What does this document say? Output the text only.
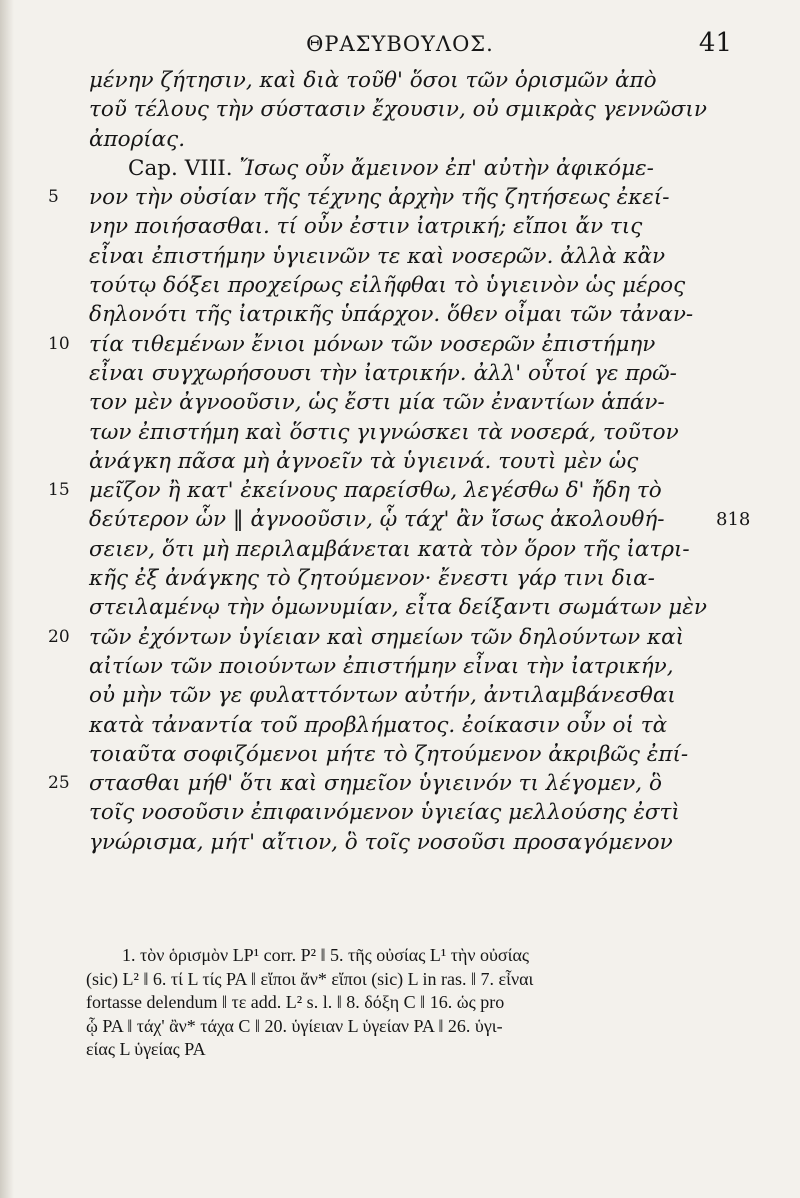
ΘΡΑΣΥΒΟΥΛΟΣ.	41
μένην ζήτησιν, καὶ διὰ τοῦθ' ὅσοι τῶν ὁρισμῶν ἀπὸ
τοῦ τέλους τὴν σύστασιν ἔχουσιν, οὐ σμικρὰς γεννῶσιν
ἀπορίας.
Cap. VIII. Ἴσως οὖν ἄμεινον ἐπ' αὐτὴν ἀφικόμε-
5	νον τὴν οὐσίαν τῆς τέχνης ἀρχὴν τῆς ζητήσεως ἐκεί-
νην ποιήσασθαι. τί οὖν ἐστιν ἰατρική; εἴποι ἄν τις
εἶναι ἐπιστήμην ὑγιεινῶν τε καὶ νοσερῶν. ἀλλὰ κἂν
τούτῳ δόξει προχείρως εἰλῆφθαι τὸ ὑγιεινὸν ὡς μέρος
δηλονότι τῆς ἰατρικῆς ὑπάρχον. ὅθεν οἶμαι τῶν τἀναν-
10 τία τιθεμένων ἔνιοι μόνων τῶν νοσερῶν ἐπιστήμην
εἶναι συγχωρήσουσι τὴν ἰατρικήν. ἀλλ' οὗτοί γε πρῶ-
τον μὲν ἀγνοοῦσιν, ὡς ἔστι μία τῶν ἐναντίων ἁπάν-
των ἐπιστήμη καὶ ὅστις γιγνώσκει τὰ νοσερά, τοῦτον
ἀνάγκη πᾶσα μὴ ἀγνοεῖν τὰ ὑγιεινά. τουτὶ μὲν ὡς
15 μεῖζον ἢ κατ' ἐκείνους παρείσθω, λεγέσθω δ' ἤδη τὸ
δεύτερον ὧν ‖ ἀγνοοῦσιν, ᾧ τάχ' ἂν ἴσως ἀκολουθή-	818
σειεν, ὅτι μὴ περιλαμβάνεται κατὰ τὸν ὅρον τῆς ἰατρι-
κῆς ἐξ ἀνάγκης τὸ ζητούμενον· ἔνεστι γάρ τινι δια-
στειλαμένῳ τὴν ὁμωνυμίαν, εἶτα δείξαντι σωμάτων μὲν
20 τῶν ἐχόντων ὑγίειαν καὶ σημείων τῶν δηλούντων καὶ
αἰτίων τῶν ποιούντων ἐπιστήμην εἶναι τὴν ἰατρικήν,
οὐ μὴν τῶν γε φυλαττόντων αὐτήν, ἀντιλαμβάνεσθαι
κατὰ τἀναντία τοῦ προβλήματος. ἐοίκασιν οὖν οἱ τὰ
τοιαῦτα σοφιζόμενοι μήτε τὸ ζητούμενον ἀκριβῶς ἐπί-
25 στασθαι μήθ' ὅτι καὶ σημεῖον ὑγιεινόν τι λέγομεν, ὃ
τοῖς νοσοῦσιν ἐπιφαινόμενον ὑγιείας μελλούσης ἐστὶ
γνώρισμα, μήτ' αἴτιον, ὃ τοῖς νοσοῦσι προσαγόμενον
1. τὸν ὁρισμὸν LP¹ corr. P² ‖ 5. τῆς οὐσίας L¹ τὴν οὐσίας
(sic) L² ‖ 6. τί L τίς PA ‖ εἴποι ἄν* εἴποι (sic) L in ras. ‖ 7. εἶναι
fortasse delendum ‖ τε add. L² s. l. ‖ 8. δόξη C ‖ 16. ὡς pro
ᾧ PA ‖ τάχ' ἂν* τάχα C ‖ 20. ὑγίειαν L ὑγείαν PA ‖ 26. ὑγι-
είας L ὑγείας PA
